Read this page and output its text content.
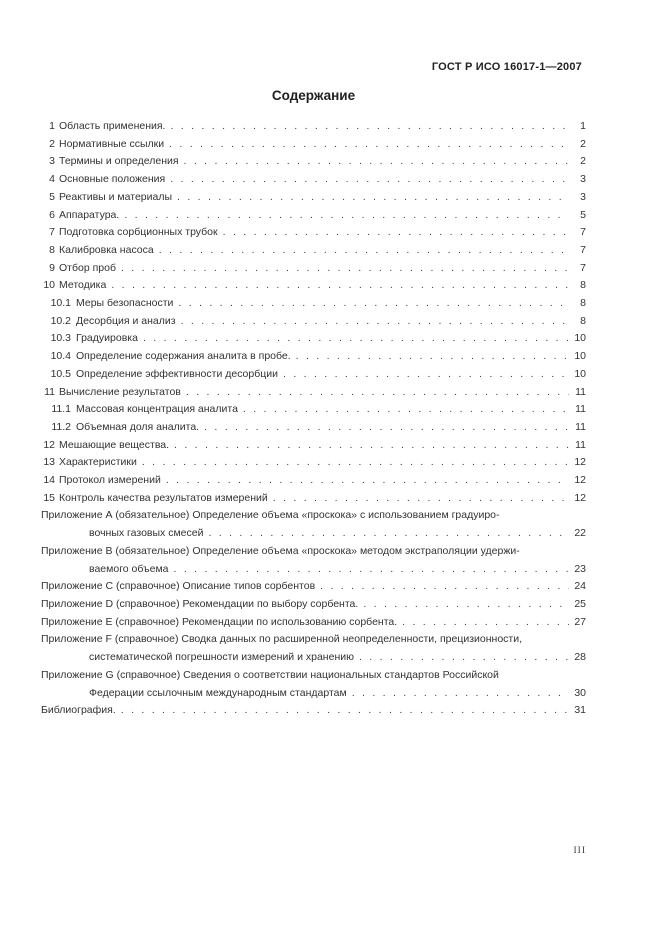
ГОСТ Р ИСО 16017-1—2007
Содержание
1 Область применения. .....	1
2 Нормативные ссылки .....	2
3 Термины и определения .....	2
4 Основные положения .....	3
5 Реактивы и материалы .....	3
6 Аппаратура. .....	5
7 Подготовка сорбционных трубок .....	7
8 Калибровка насоса .....	7
9 Отбор проб .....	7
10 Методика .....	8
10.1 Меры безопасности .....	8
10.2 Десорбция и анализ .....	8
10.3 Градуировка .....	10
10.4 Определение содержания аналита в пробе. .....	10
10.5 Определение эффективности десорбции .....	10
11 Вычисление результатов .....	11
11.1 Массовая концентрация аналита .....	11
11.2 Объемная доля аналита. .....	11
12 Мешающие вещества. .....	11
13 Характеристики .....	12
14 Протокол измерений .....	12
15 Контроль качества результатов измерений .....	12
Приложение А (обязательное) Определение объема «проскока» с использованием градуиро-
вочных газовых смесей .....	22
Приложение В (обязательное) Определение объема «проскока» методом экстраполяции удержи-
ваемого объема .....	23
Приложение С (справочное) Описание типов сорбентов .....	24
Приложение D (справочное) Рекомендации по выбору сорбента. .....	25
Приложение Е (справочное) Рекомендации по использованию сорбента. .....	27
Приложение F (справочное) Сводка данных по расширенной неопределенности, прецизионности,
систематической погрешности измерений и хранению .....	28
Приложение G (справочное) Сведения о соответствии национальных стандартов Российской
Федерации ссылочным международным стандартам .....	30
Библиография. .....	31
III
